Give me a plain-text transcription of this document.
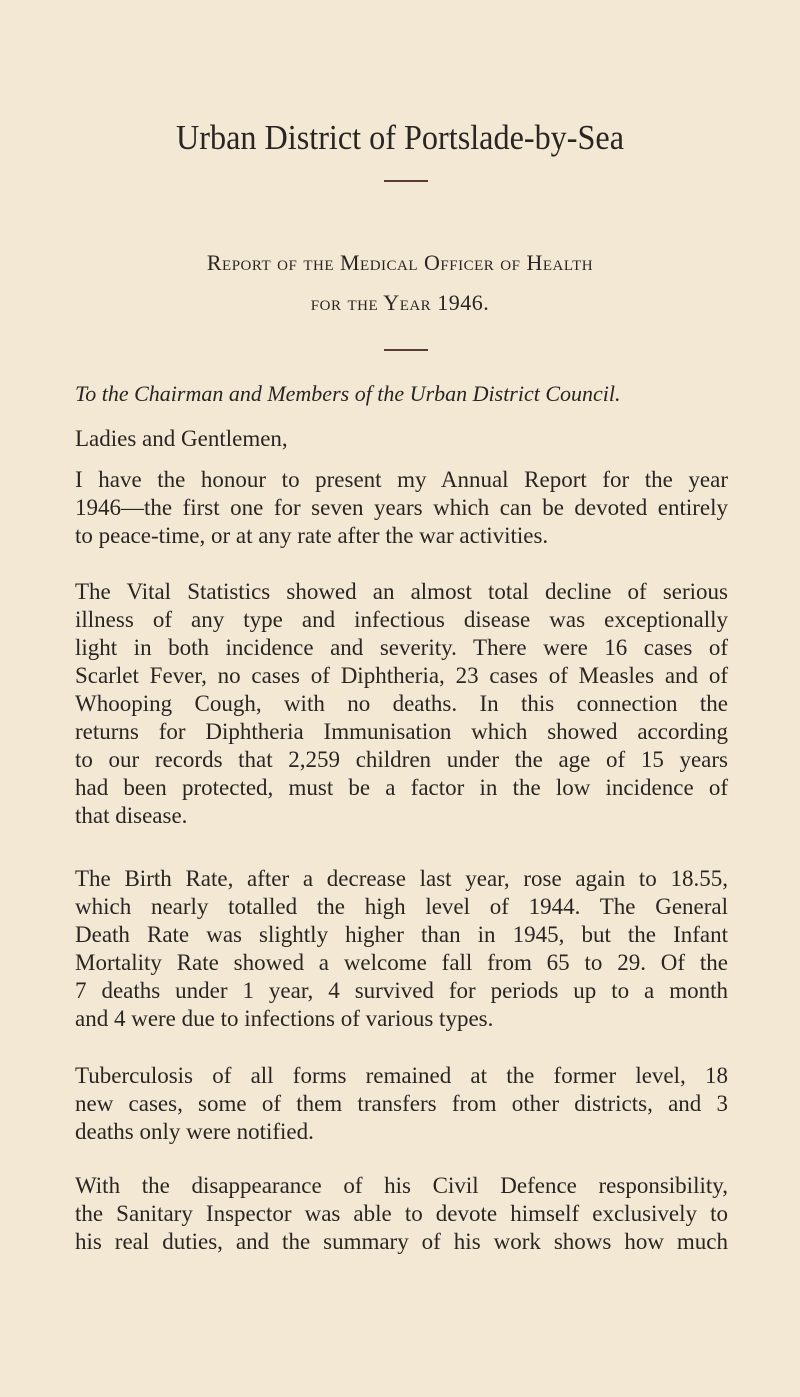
Urban District of Portslade-by-Sea
Report of the Medical Officer of Health
for the Year 1946.
To the Chairman and Members of the Urban District Council.
Ladies and Gentlemen,
I have the honour to present my Annual Report for the year
1946—the first one for seven years which can be devoted entirely
to peace-time, or at any rate after the war activities.
The Vital Statistics showed an almost total decline of serious
illness of any type and infectious disease was exceptionally
light in both incidence and severity. There were 16 cases of
Scarlet Fever, no cases of Diphtheria, 23 cases of Measles and of
Whooping Cough, with no deaths. In this connection the
returns for Diphtheria Immunisation which showed according
to our records that 2,259 children under the age of 15 years
had been protected, must be a factor in the low incidence of
that disease.
The Birth Rate, after a decrease last year, rose again to 18.55,
which nearly totalled the high level of 1944. The General
Death Rate was slightly higher than in 1945, but the Infant
Mortality Rate showed a welcome fall from 65 to 29. Of the
7 deaths under 1 year, 4 survived for periods up to a month
and 4 were due to infections of various types.
Tuberculosis of all forms remained at the former level, 18
new cases, some of them transfers from other districts, and 3
deaths only were notified.
With the disappearance of his Civil Defence responsibility,
the Sanitary Inspector was able to devote himself exclusively to
his real duties, and the summary of his work shows how much
